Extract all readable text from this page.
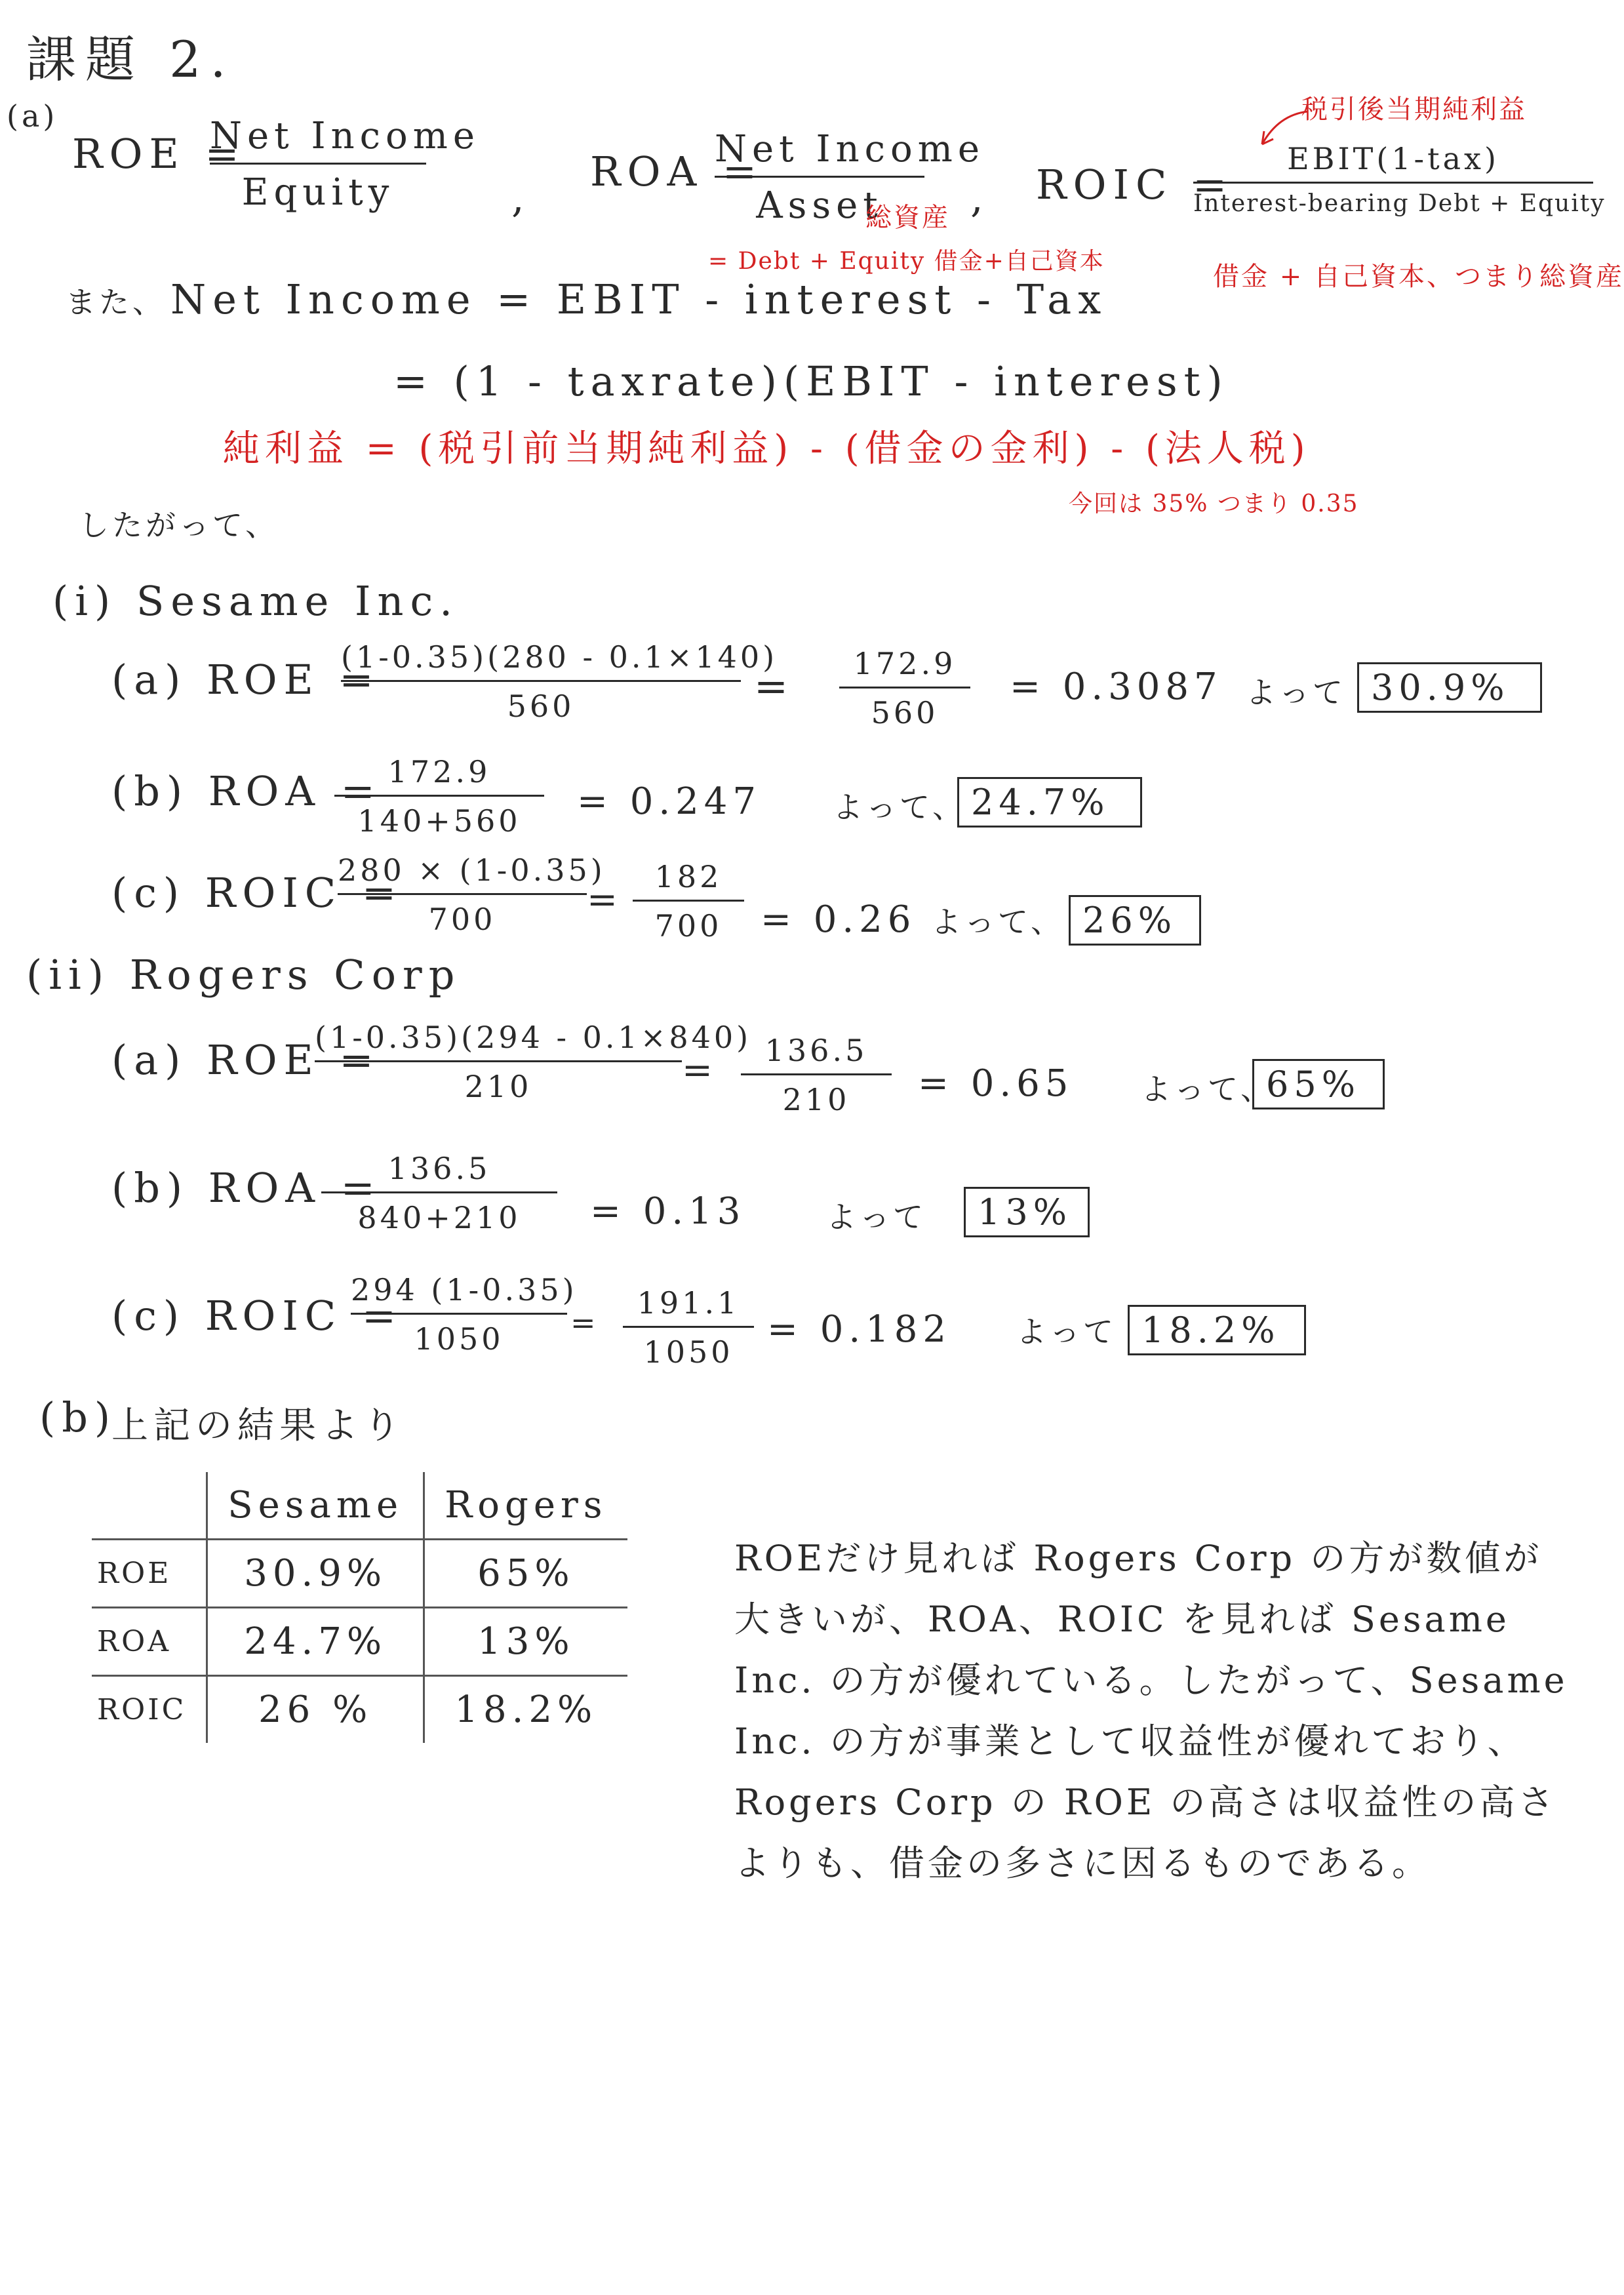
課題 2.
(a)
ROE =
Net Income
Equity	,
ROA =
Net Income
Asset
総資産
= Debt + Equity 借金+自己資本
, ROIC =
税引後当期純利益
EBIT(1-tax)
Interest-bearing Debt + Equity
借金 + 自己資本、つまり総資産
また、 Net Income = EBIT - interest - Tax
= (1 - taxrate)(EBIT - interest)
純利益 = (税引前当期純利益) - (借金の金利) - (法人税)
今回は 35% つまり 0.35
したがって、
(i) Sesame Inc.
(a) ROE =
(1-0.35)(280 - 0.1×140)
560	=	172.9
560
= 0.3087 よって 30.9%
(b) ROA = 172.9
140+560	= 0.247 よって、 24.7%
(c) ROIC =
280 × (1-0.35)
700	=
182
700	= 0.26 よって、 26%
(ii) Rogers Corp
(a) ROE =
(1-0.35)(294 - 0.1×840)
210	=	136.5
210	= 0.65 よって、
65%
(b) ROA = 136.5
840+210	= 0.13	よって	13%
(c) ROIC =
294 (1-0.35)
1050	=
191.1
1050
= 0.182 よって 18.2%
(b)
上記の結果より
	Sesame	Rogers
ROE	30.9%	65%
ROA	24.7%	13%
ROIC	26 %	18.2%
ROEだけ見れば Rogers Corp の方が数値が大きいが、ROA、ROIC を見れば Sesame Inc. の方が優れている。したがって、Sesame Inc. の方が事業として収益性が優れており、Rogers Corp の ROE の高さは収益性の高さよりも、借金の多さに因るものである。
